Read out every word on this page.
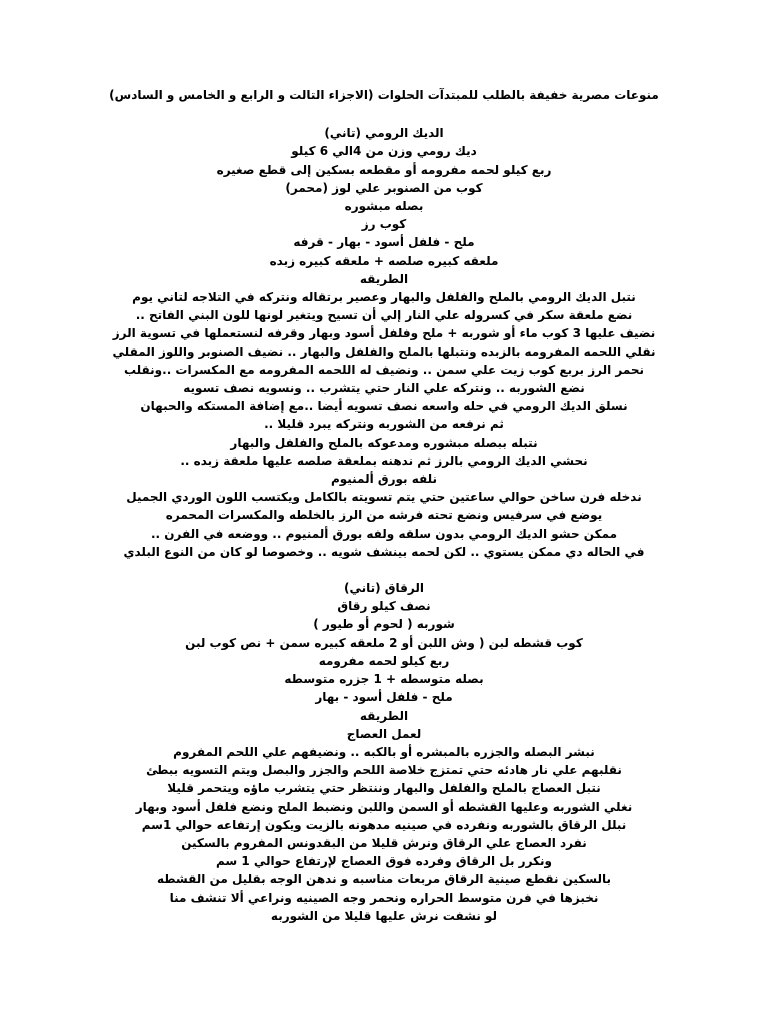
منوعات مصرية خفيفة بالطلب للمبتدآت الحلوات (الاجزاء التالت و الرابع و الخامس و السادس)
الديك الرومي (تاني)
ديك رومي وزن من 4الي 6 كيلو
ربع كيلو لحمه مفرومه أو مقطعه بسكين إلى قطع صغيره
كوب من الصنوبر علي لوز (محمر)
بصله مبشوره
كوب رز
ملح - فلفل أسود - بهار - قرفه
ملعقه كبيره صلصه + ملعقه كبيره زبده
الطريقه
نتبل الديك الرومي بالملح والفلفل والبهار وعصير برتقاله ونتركه في التلاجه لتاني يوم
نضع ملعقة سكر في كسروله علي النار إلي أن تسيح ويتغير لونها للون البني الفاتح ..
نضيف عليها 3 كوب ماء أو شوربه + ملح وفلفل أسود وبهار وقرفه لنستعملها في تسوية الرز
نقلي اللحمه المفرومه بالزبده ونتبلها بالملح والفلفل والبهار .. نضيف الصنوبر واللوز المقلي
نحمر الرز بربع كوب زيت علي سمن .. ونضيف له اللحمه المفرومه مع المكسرات ..ونقلب
نضع الشوربه .. ونتركه علي النار حتي يتشرب .. ونسويه نصف تسويه
نسلق الديك الرومي في حله واسعه نصف تسويه أيضا ..مع إضافة المستكه والحبهان
ثم نرفعه من الشوربه ونتركه يبرد قليلا ..
نتبله ببصله مبشوره ومدعوكه بالملح والفلفل والبهار
نحشي الديك الرومي بالرز ثم ندهنه بملعقة صلصه عليها ملعقة زبده ..
نلفه بورق ألمنيوم
ندخله فرن ساخن حوالي ساعتين حتي يتم تسويته بالكامل ويكتسب اللون الوردي الجميل
يوضع في سرفيس ونضع تحته فرشه من الرز بالخلطه والمكسرات المحمره
ممكن حشو الديك الرومي بدون سلقه ولفه بورق ألمنيوم .. ووضعه في الفرن ..
في الحاله دي ممكن يستوي .. لكن لحمه بينشف شويه .. وخصوصا لو كان من النوع البلدي
الرقاق (تاني)
نصف كيلو رقاق
شوربه ( لحوم أو طيور )
كوب قشطه لبن ( وش اللبن أو 2 ملعقه كبيره سمن + نص كوب لبن
ربع كيلو لحمه مفرومه
بصله متوسطه + 1 جزره متوسطه
ملح - فلفل أسود - بهار
الطريقه
لعمل العصاج
نبشر البصله والجزره بالمبشره أو بالكبه .. ونضيفهم علي اللحم المفروم
نقلبهم علي نار هادئه حتي تمتزج خلاصة اللحم والجزر والبصل ويتم التسويه ببطئ
نتبل العصاج بالملح والفلفل والبهار وننتظر حتي يتشرب ماؤه ويتحمر قليلا
نغلي الشوربه وعليها القشطه أو السمن واللبن ونضبط الملح ونضع فلفل أسود وبهار
نبلل الرقاق بالشوربه ونفرده في صينيه مدهونه بالزيت ويكون إرتفاعه حوالي 1سم
نفرد العصاج علي الرقاق ونرش قليلا من البقدونس المفروم بالسكين
ونكرر بل الرقاق وفرده فوق العصاج لإرتفاع حوالي 1 سم
بالسكين نقطع صينية الرقاق مربعات مناسبه و ندهن الوجه بقليل من القشطه
نخبزها في فرن متوسط الحراره ونحمر وجه الصينيه ونراعي ألا تنشف منا
لو نشفت نرش عليها قليلا من الشوربه
